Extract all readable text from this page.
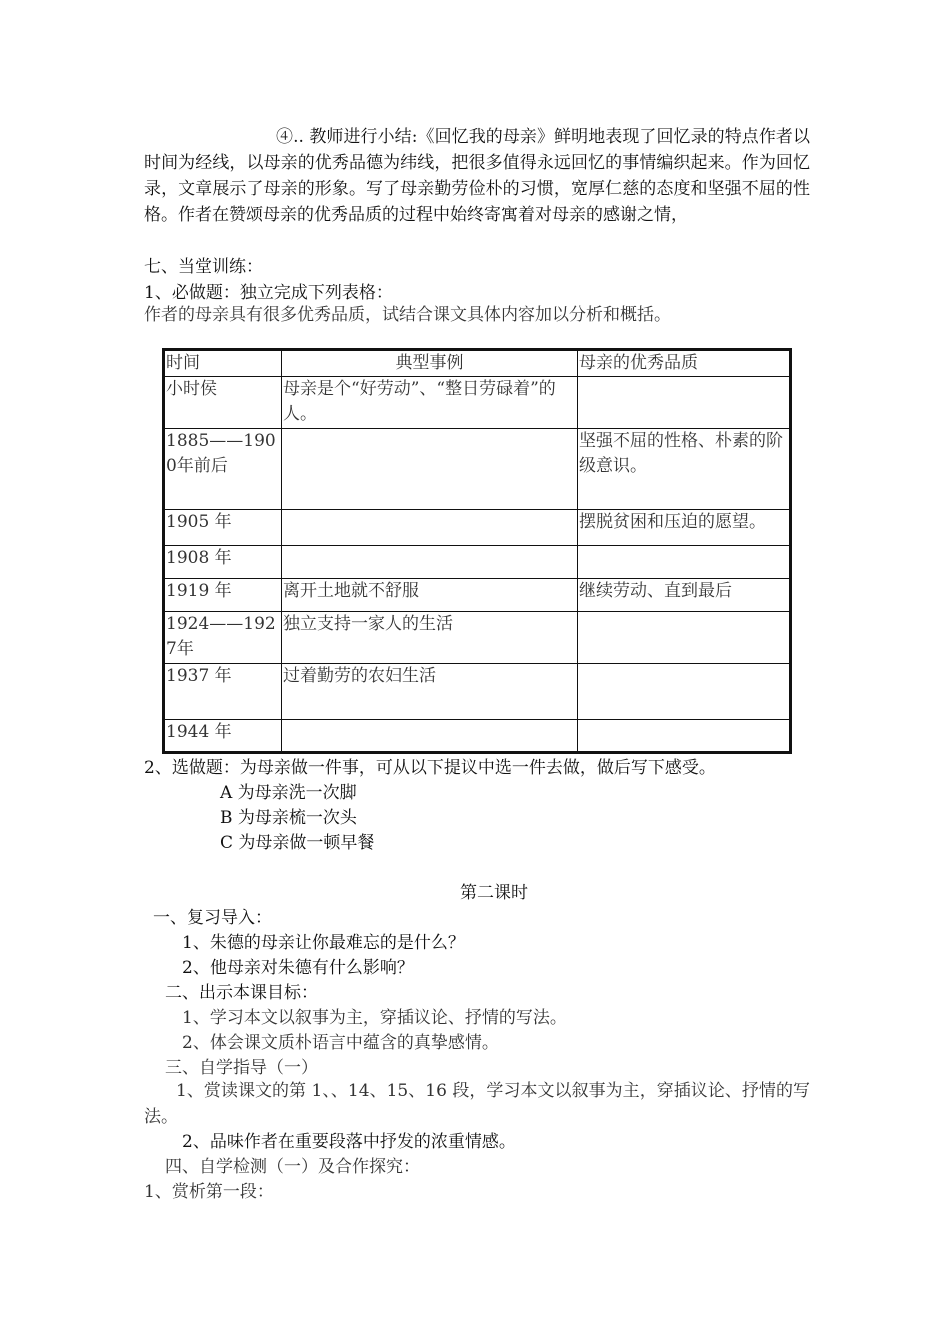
④.. 教师进行小结:《回忆我的母亲》鲜明地表现了回忆录的特点作者以时间为经线，以母亲的优秀品德为纬线，把很多值得永远回忆的事情编织起来。作为回忆录，文章展示了母亲的形象。写了母亲勤劳俭朴的习惯，宽厚仁慈的态度和坚强不屈的性格。作者在赞颂母亲的优秀品质的过程中始终寄寓着对母亲的感谢之情，

七、当堂训练：

1、必做题：独立完成下列表格：

作者的母亲具有很多优秀品质，试结合课文具体内容加以分析和概括。

时间	典型事例	母亲的优秀品质
小时侯	母亲是个“好劳动”、“整日劳碌着”的人。	
1885——1900年前后		坚强不屈的性格、朴素的阶级意识。
1905 年		摆脱贫困和压迫的愿望。
1908 年		
1919 年	离开土地就不舒服	继续劳动、直到最后
1924——1927年	独立支持一家人的生活	
1937 年	过着勤劳的农妇生活	
1944 年		

2、选做题：为母亲做一件事，可从以下提议中选一件去做，做后写下感受。

A 为母亲洗一次脚

B 为母亲梳一次头

C 为母亲做一顿早餐

第二课时

一、复习导入：

1、朱德的母亲让你最难忘的是什么？

2、他母亲对朱德有什么影响？

二、出示本课目标：

1、学习本文以叙事为主，穿插议论、抒情的写法。

2、体会课文质朴语言中蕴含的真挚感情。

三、自学指导（一）

1、赏读课文的第 1、、14、15、16 段，学习本文以叙事为主，穿插议论、抒情的写法。

2、品味作者在重要段落中抒发的浓重情感。

四、自学检测（一）及合作探究：

1、赏析第一段：
